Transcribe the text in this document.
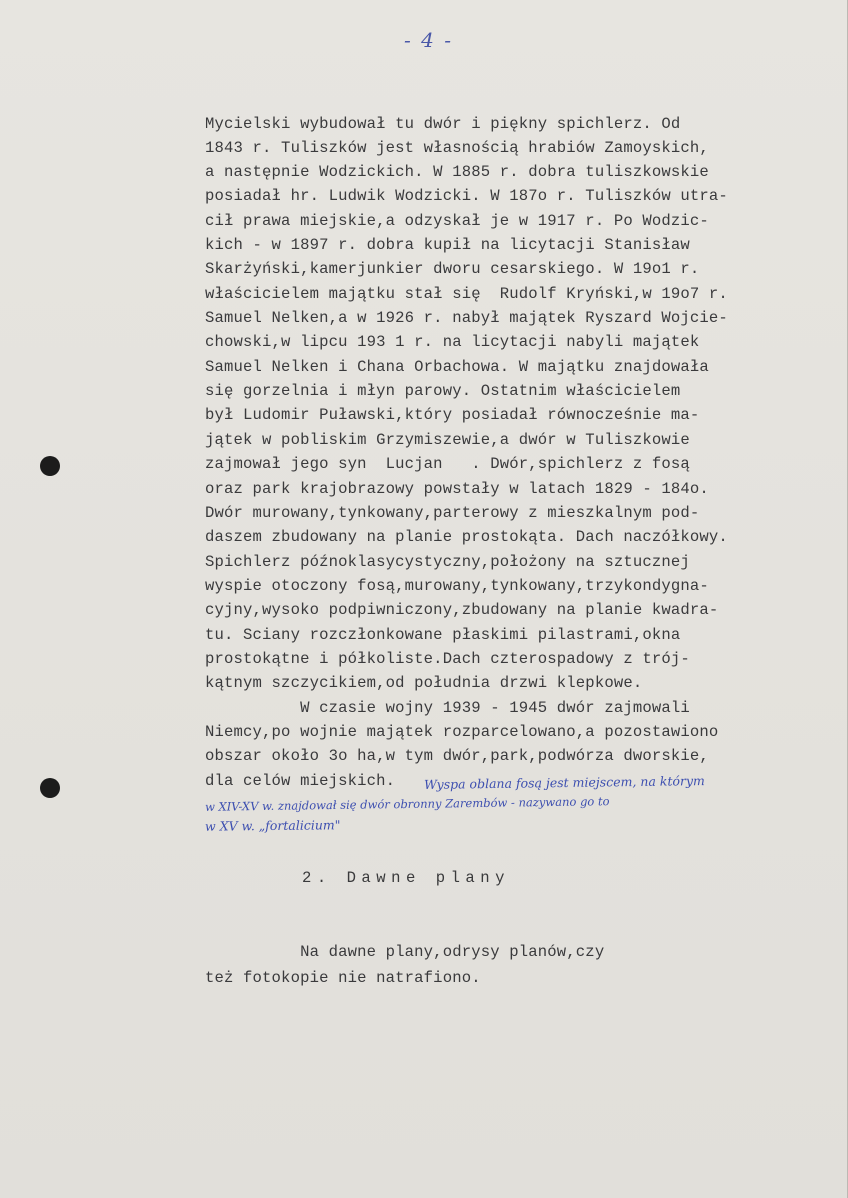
- 4 -
Mycielski wybudował tu dwór i piękny spichlerz. Od
1843 r. Tuliszków jest własnością hrabiów Zamoyskich,
a następnie Wodzickich. W 1885 r. dobra tuliszkowskie
posiadał hr. Ludwik Wodzicki. W 187o r. Tuliszków utra-
cił prawa miejskie,a odzyskał je w 1917 r. Po Wodzic-
kich - w 1897 r. dobra kupił na licytacji Stanisław
Skarżyński,kamerjunkier dworu cesarskiego. W 19o1 r.
właścicielem majątku stał się  Rudolf Kryński,w 19o7 r.
Samuel Nelken,a w 1926 r. nabył majątek Ryszard Wojcie-
chowski,w lipcu 193 1 r. na licytacji nabyli majątek
Samuel Nelken i Chana Orbachowa. W majątku znajdowała
się gorzelnia i młyn parowy. Ostatnim właścicielem
był Ludomir Puławski,który posiadał równocześnie ma-
jątek w pobliskim Grzymiszewie,a dwór w Tuliszkowie
zajmował jego syn  Lucjan   . Dwór,spichlerz z fosą
oraz park krajobrazowy powstały w latach 1829 - 184o.
Dwór murowany,tynkowany,parterowy z mieszkalnym pod-
daszem zbudowany na planie prostokąta. Dach naczółkowy.
Spichlerz późnoklasycystyczny,położony na sztucznej
wyspie otoczony fosą,murowany,tynkowany,trzykondygna-
cyjny,wysoko podpiwniczony,zbudowany na planie kwadra-
tu. Sciany rozczłonkowane płaskimi pilastrami,okna
prostokątne i półkoliste.Dach czterospadowy z trój-
kątnym szczycikiem,od południa drzwi klepkowe.
W czasie wojny 1939 - 1945 dwór zajmowali
Niemcy,po wojnie majątek rozparcelowano,a pozostawiono
obszar około 3o ha,w tym dwór,park,podwórza dworskie,
dla celów miejskich. Wyspa oblana fosą jest miejscem, na którym
w XIV-XV w. znajdował się dwór obronny Zarembów - nazywano go to
w XV w. „fortalicium"
2. Dawne plany
Na dawne plany,odrysy planów,czy
też fotokopie nie natrafiono.
